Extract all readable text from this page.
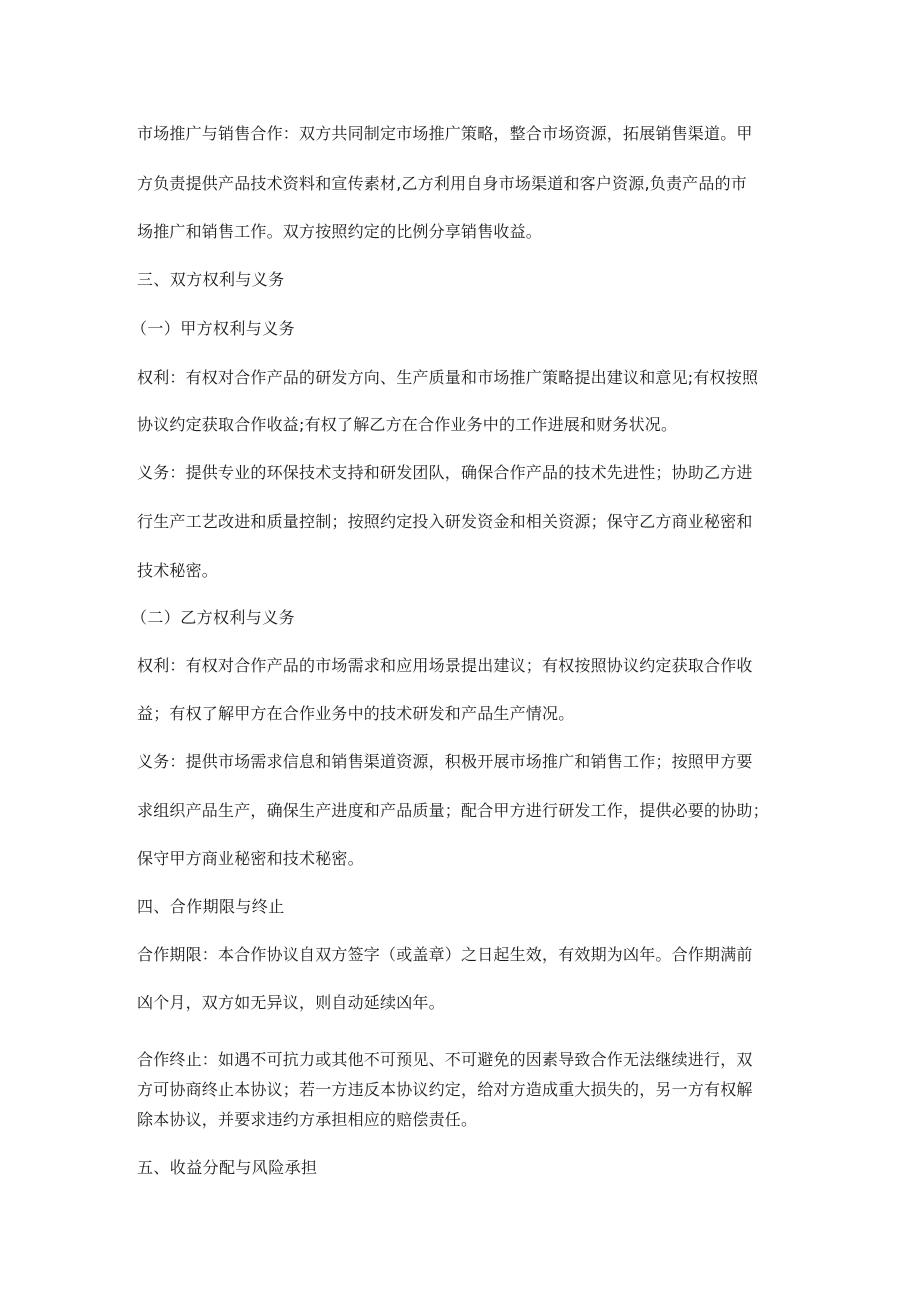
市场推广与销售合作：双方共同制定市场推广策略，整合市场资源，拓展销售渠道。甲
方负责提供产品技术资料和宣传素材,乙方利用自身市场渠道和客户资源,负责产品的市
场推广和销售工作。双方按照约定的比例分享销售收益。
三、双方权利与义务
（一）甲方权利与义务
权利：有权对合作产品的研发方向、生产质量和市场推广策略提出建议和意见;有权按照
协议约定获取合作收益;有权了解乙方在合作业务中的工作进展和财务状况。
义务：提供专业的环保技术支持和研发团队，确保合作产品的技术先进性；协助乙方进
行生产工艺改进和质量控制；按照约定投入研发资金和相关资源；保守乙方商业秘密和
技术秘密。
（二）乙方权利与义务
权利：有权对合作产品的市场需求和应用场景提出建议；有权按照协议约定获取合作收
益；有权了解甲方在合作业务中的技术研发和产品生产情况。
义务：提供市场需求信息和销售渠道资源，积极开展市场推广和销售工作；按照甲方要
求组织产品生产，确保生产进度和产品质量；配合甲方进行研发工作，提供必要的协助；
保守甲方商业秘密和技术秘密。
四、合作期限与终止
合作期限：本合作协议自双方签字（或盖章）之日起生效，有效期为凶年。合作期满前
凶个月，双方如无异议，则自动延续凶年。
合作终止：如遇不可抗力或其他不可预见、不可避免的因素导致合作无法继续进行，双
方可协商终止本协议；若一方违反本协议约定，给对方造成重大损失的，另一方有权解
除本协议，并要求违约方承担相应的赔偿责任。
五、收益分配与风险承担
